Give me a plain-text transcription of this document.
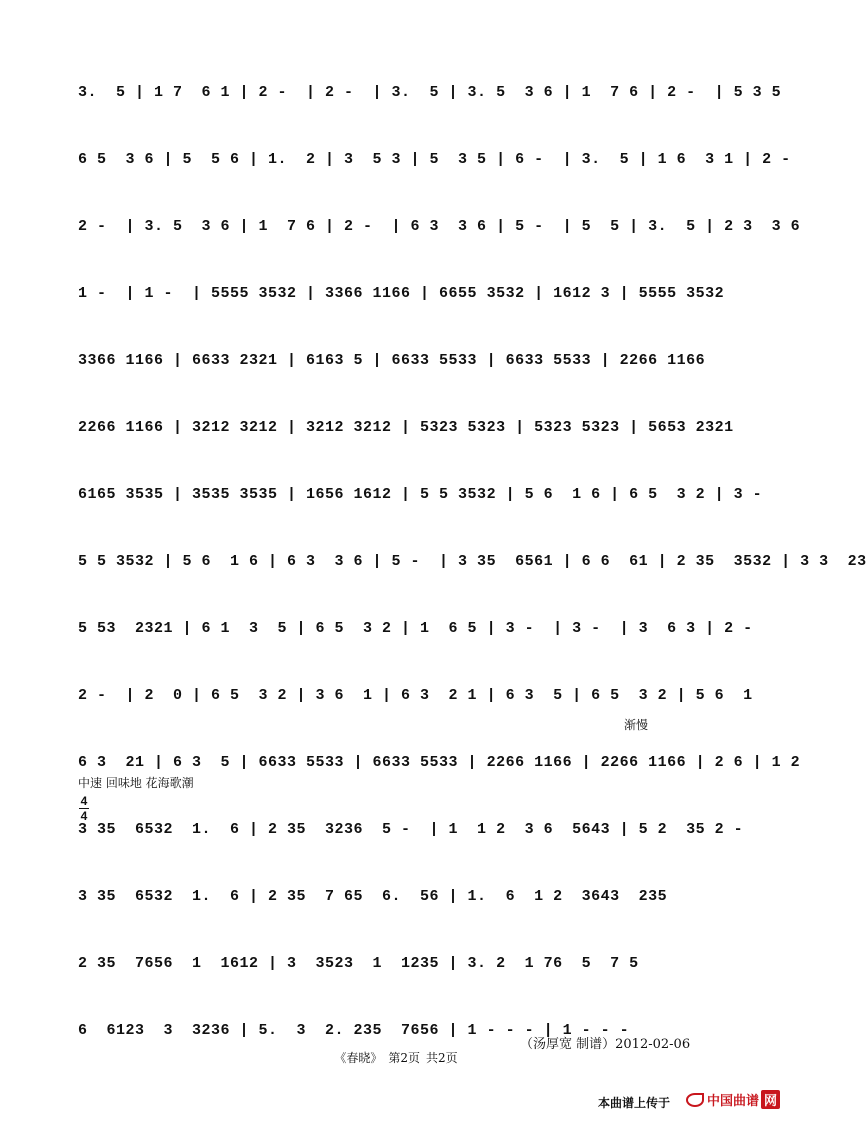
3.  5 | 1 7  6 1 | 2 -  | 2 -  | 3.  5 | 3. 5  3 6 | 1  7 6 | 2 -  | 5 3 5
6 5  3 6 | 5  5 6 | 1.  2 | 3  5 3 | 5  3 5 | 6 -  | 3.  5 | 1 6  3 1 | 2 -
2 -  | 3. 5  3 6 | 1  7 6 | 2 -  | 6 3  3 6 | 5 -  | 5  5 | 3.  5 | 2 3  3 6
1 -  | 1 -  | 5555 3532 | 3366 1166 | 6655 3532 | 1612 3 | 5555 3532
3366 1166 | 6633 2321 | 6163 5 | 6633 5533 | 6633 5533 | 2266 1166
2266 1166 | 3212 3212 | 3212 3212 | 5323 5323 | 5323 5323 | 5653 2321
6165 3535 | 3535 3535 | 1656 1612 | 5 5 3532 | 5 6  1 6 | 6 5  3 2 | 3 -
5 5 3532 | 5 6  1 6 | 6 3  3 6 | 5 -  | 3 35  6561 | 6 6  61 | 2 35  3532 | 3 3  23
5 53  2321 | 6 1  3  5 | 6 5  3 2 | 1  6 5 | 3 -  | 3 -  | 3  6 3 | 2 -
2 -  | 2  0 | 6 5  3 2 | 3 6  1 | 6 3  2 1 | 6 3  5 | 6 5  3 2 | 5 6  1
6 3  21 | 6 3  5 | 6633 5533 | 6633 5533 | 2266 1166 | 2266 1166 | 2 6 | 1 2
3 35  6532  1.  6 | 2 35  3236  5 -  | 1  1 2  3 6  5643 | 5 2  35 2 -
3 35  6532  1.  6 | 2 35  7 65  6.  56 | 1.  6  1 2  3643  235
2 35  7656  1  1612 | 3  3523  1  1235 | 3. 2  1 76  5  7 5
6  6123  3  3236 | 5.  3  2. 235  7656 | 1 - - - | 1 - - -
渐慢
中速 回味地 花海歌潮
4
4
（汤厚宽 制谱）2012-02-06
《春晓》 第2页 共2页
本曲谱上传于	中国曲谱 网
